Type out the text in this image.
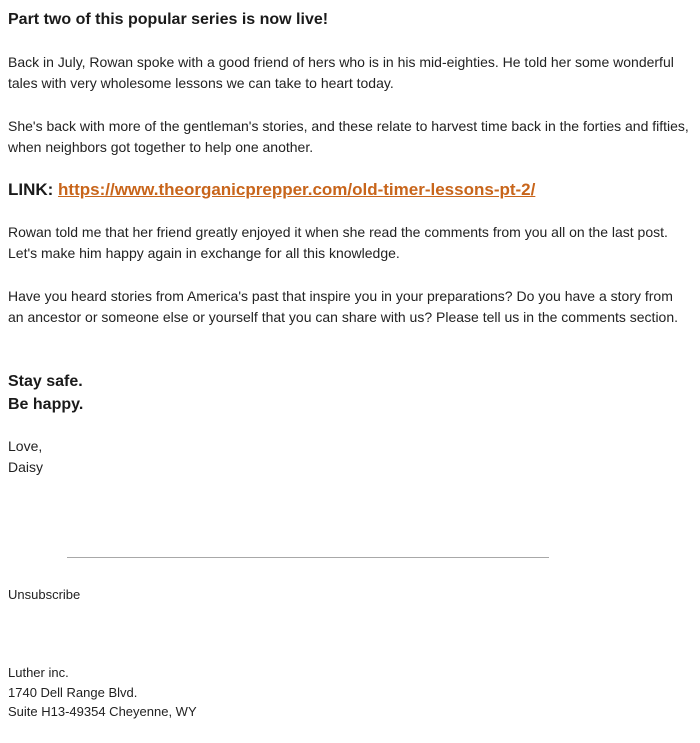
Part two of this popular series is now live!
Back in July, Rowan spoke with a good friend of hers who is in his mid-eighties. He told her some wonderful tales with very wholesome lessons we can take to heart today.
She's back with more of the gentleman's stories, and these relate to harvest time back in the forties and fifties, when neighbors got together to help one another.
LINK: https://www.theorganicprepper.com/old-timer-lessons-pt-2/
Rowan told me that her friend greatly enjoyed it when she read the comments from you all on the last post. Let's make him happy again in exchange for all this knowledge.
Have you heard stories from America's past that inspire you in your preparations? Do you have a story from an ancestor or someone else or yourself that you can share with us? Please tell us in the comments section.
Stay safe.
Be happy.
Love,
Daisy
Unsubscribe
Luther inc.
1740 Dell Range Blvd.
Suite H13-49354 Cheyenne, WY
